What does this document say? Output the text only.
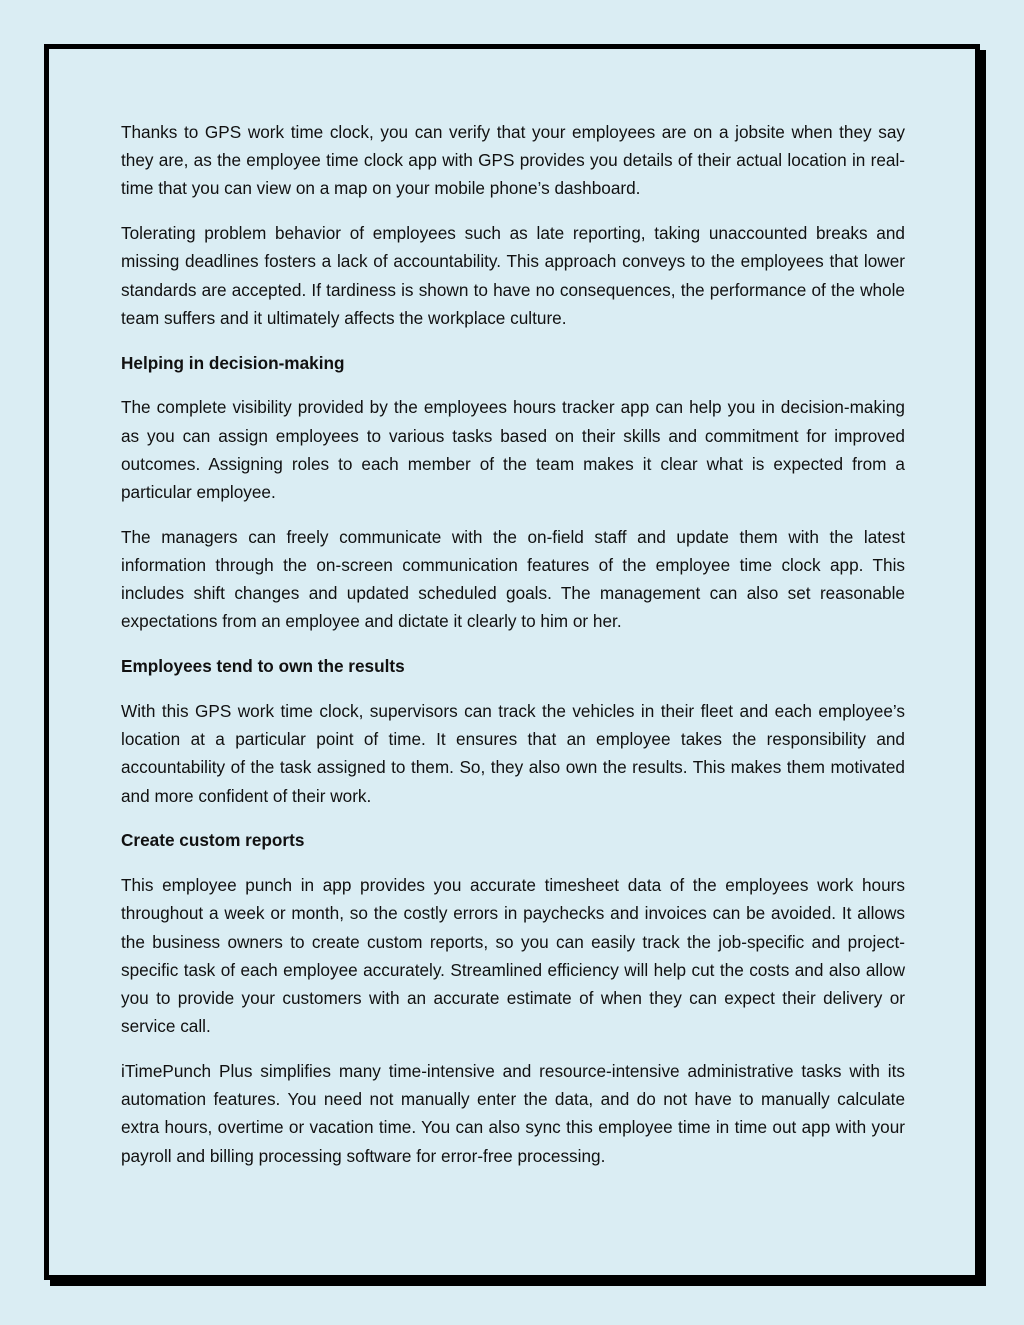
Thanks to GPS work time clock, you can verify that your employees are on a jobsite when they say they are, as the employee time clock app with GPS provides you details of their actual location in real-time that you can view on a map on your mobile phone’s dashboard.

Tolerating problem behavior of employees such as late reporting, taking unaccounted breaks and missing deadlines fosters a lack of accountability. This approach conveys to the employees that lower standards are accepted. If tardiness is shown to have no consequences, the performance of the whole team suffers and it ultimately affects the workplace culture.

Helping in decision-making

The complete visibility provided by the employees hours tracker app can help you in decision-making as you can assign employees to various tasks based on their skills and commitment for improved outcomes. Assigning roles to each member of the team makes it clear what is expected from a particular employee.

The managers can freely communicate with the on-field staff and update them with the latest information through the on-screen communication features of the employee time clock app. This includes shift changes and updated scheduled goals. The management can also set reasonable expectations from an employee and dictate it clearly to him or her.

Employees tend to own the results

With this GPS work time clock, supervisors can track the vehicles in their fleet and each employee’s location at a particular point of time. It ensures that an employee takes the responsibility and accountability of the task assigned to them. So, they also own the results. This makes them motivated and more confident of their work.

Create custom reports

This employee punch in app provides you accurate timesheet data of the employees work hours throughout a week or month, so the costly errors in paychecks and invoices can be avoided. It allows the business owners to create custom reports, so you can easily track the job-specific and project-specific task of each employee accurately. Streamlined efficiency will help cut the costs and also allow you to provide your customers with an accurate estimate of when they can expect their delivery or service call.

iTimePunch Plus simplifies many time-intensive and resource-intensive administrative tasks with its automation features. You need not manually enter the data, and do not have to manually calculate extra hours, overtime or vacation time. You can also sync this employee time in time out app with your payroll and billing processing software for error-free processing.
